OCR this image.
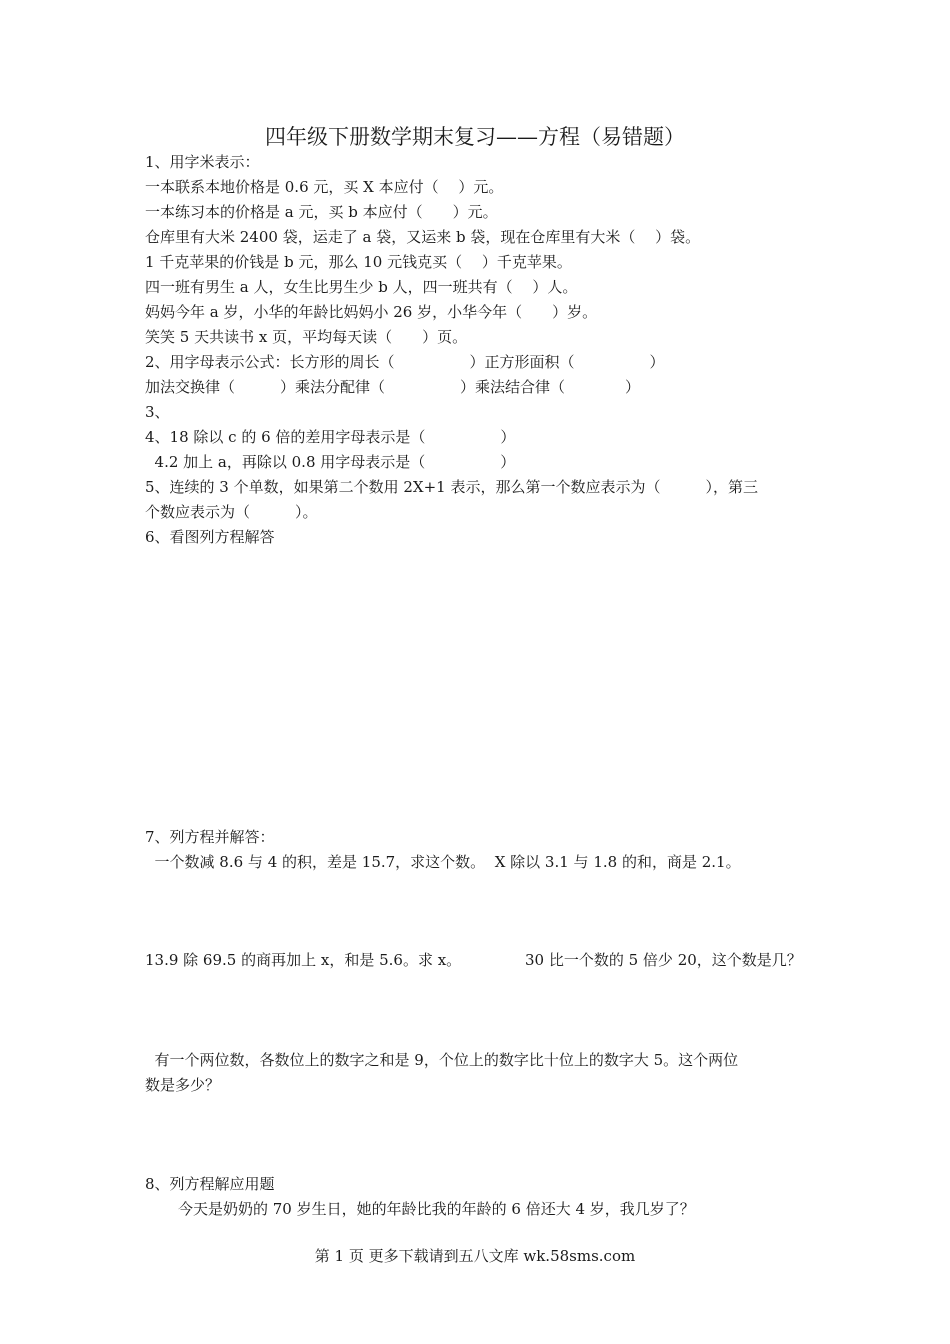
四年级下册数学期末复习——方程（易错题）
1、用字米表示：
一本联系本地价格是 0.6 元，买 X 本应付（　 ）元。
一本练习本的价格是 a 元，买 b 本应付（　　）元。
仓库里有大米 2400 袋，运走了 a 袋，又运来 b 袋，现在仓库里有大米（　 ）袋。
1 千克苹果的价钱是 b 元，那么 10 元钱克买（　 ）千克苹果。
四一班有男生 a 人，女生比男生少 b 人，四一班共有（　 ）人。
妈妈今年 a 岁，小华的年龄比妈妈小 26 岁，小华今年（　　）岁。
笑笑 5 天共读书 x 页，平均每天读（　　）页。
2、用字母表示公式：长方形的周长（　　　　　）正方形面积（　　　　　）
加法交换律（　　　）乘法分配律（　　　　　）乘法结合律（　　　　）
3、
4、18 除以 c 的 6 倍的差用字母表示是（　　　　　）
4.2 加上 a，再除以 0.8 用字母表示是（　　　　　）
5、连续的 3 个单数，如果第二个数用 2X+1 表示，那么第一个数应表示为（　　　），第三
个数应表示为（　　　）。
6、看图列方程解答
7、列方程并解答：
一个数减 8.6 与 4 的积，差是 15.7，求这个数。  X 除以 3.1 与 1.8 的和，商是 2.1。
13.9 除 69.5 的商再加上 x，和是 5.6。求 x。	30 比一个数的 5 倍少 20，这个数是几？
有一个两位数，各数位上的数字之和是 9，个位上的数字比十位上的数字大 5。这个两位
数是多少？
8、列方程解应用题
今天是奶奶的 70 岁生日，她的年龄比我的年龄的 6 倍还大 4 岁，我几岁了？
第 1 页 更多下载请到五八文库 wk.58sms.com
